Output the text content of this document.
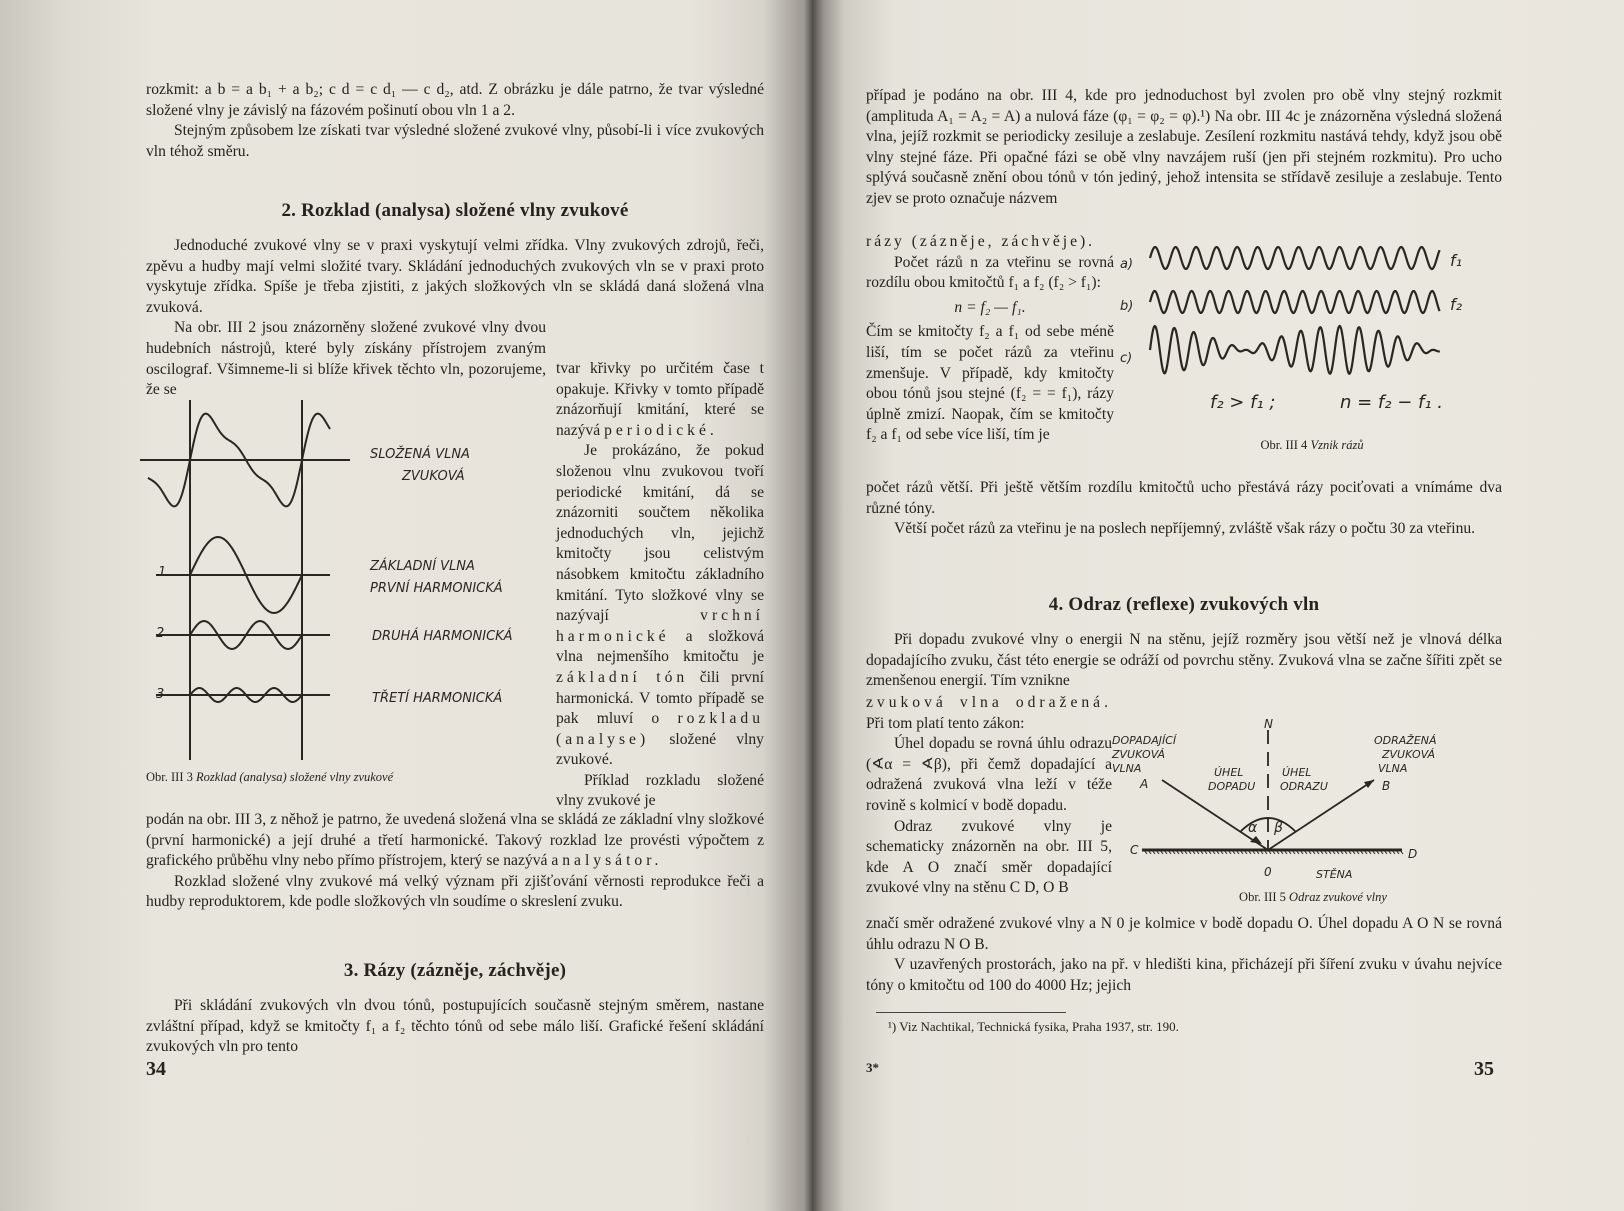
rozkmit: a b = a b₁ + a b₂; c d = c d₁ — c d₂, atd. Z obrázku je dále patrno, že tvar výsledné složené vlny je závislý na fázovém pošinutí obou vln 1 a 2.

Stejným způsobem lze získati tvar výsledné složené zvukové vlny, působí-li i více zvukových vln téhož směru.

2. Rozklad (analysa) složené vlny zvukové

Jednoduché zvukové vlny se v praxi vyskytují velmi zřídka. Vlny zvukových zdrojů, řeči, zpěvu a hudby mají velmi složité tvary. Skládání jednoduchých zvukových vln se v praxi proto vyskytuje zřídka. Spíše je třeba zjistiti, z jakých složkových vln se skládá daná složená vlna zvuková.

Na obr. III 2 jsou znázorněny složené zvukové vlny dvou hudebních nástrojů, které byly získány přístrojem zvaným oscilograf. Všimneme-li si blíže křivek těchto vln, pozorujeme, že se

tvar křivky po určitém čase t opakuje. Křivky v tomto případě znázorňují kmitání, které se nazývá periodické.

Je prokázáno, že pokud složenou vlnu zvukovou tvoří periodické kmitání, dá se znázorniti součtem několika jednoduchých vln, jejichž kmitočty jsou celistvým násobkem kmitočtu základního kmitání. Tyto složkové vlny se nazývají	vrchní harmonické a složková vlna nejmenšího kmitočtu je základní tón čili první harmonická. V tomto případě se pak mluví o rozkladu (analyse) složené vlny zvukové.

Příklad rozkladu složené vlny zvukové je

SLOŽENÁ VLNA
ZVUKOVÁ
ZÁKLADNÍ VLNA
PRVNÍ HARMONICKÁ
DRUHÁ HARMONICKÁ
TŘETÍ HARMONICKÁ
1
2
3
Obr. III 3 Rozklad (analysa) složené vlny zvukové

podán na obr. III 3, z něhož je patrno, že uvedená složená vlna se skládá ze základní vlny složkové (první harmonické) a její druhé a třetí harmonické. Takový rozklad lze provésti výpočtem z grafického průběhu vlny nebo přímo přístrojem, který se nazývá analysátor.

Rozklad složené vlny zvukové má velký význam při zjišťování věrnosti reprodukce řeči a hudby reproduktorem, kde podle složkových vln soudíme o skreslení zvuku.

3. Rázy (zázněje, záchvěje)

Při skládání zvukových vln dvou tónů, postupujících současně stejným směrem, nastane zvláštní případ, když se kmitočty f₁ a f₂ těchto tónů od sebe málo liší. Grafické řešení skládání zvukových vln pro tento

34

případ je podáno na obr. III 4, kde pro jednoduchost byl zvolen pro obě vlny stejný rozkmit (amplituda A₁ = A₂ = A) a nulová fáze (φ₁ = φ₂ = φ).¹) Na obr. III 4c je znázorněna výsledná složená vlna, jejíž rozkmit se periodicky zesiluje a zeslabuje. Zesílení rozkmitu nastává tehdy, když jsou obě vlny stejné fáze. Při opačné fázi se obě vlny navzájem ruší (jen při stejném rozkmitu). Pro ucho splývá současně znění obou tónů v tón jediný, jehož intensita se střídavě zesiluje a zeslabuje. Tento zjev se proto označuje názvem

rázy (zázněje, záchvěje).

Počet rázů n za vteřinu se rovná rozdílu obou kmitočtů f₁ a f₂ (f₂ > f₁):

n = f₂ — f₁.

Čím se kmitočty f₂ a f₁ od sebe méně liší, tím se počet rázů za vteřinu zmenšuje. V případě, kdy kmitočty obou tónů jsou stejné (f₂ = = f₁), rázy úplně zmizí. Naopak, čím se kmitočty f₂ a f₁ od sebe více liší, tím je

a)
b)
c)
f₁
f₂
f₂ > f₁ ;	n = f₂ − f₁ .
Obr. III 4 Vznik rázů

počet rázů větší. Při ještě větším rozdílu kmitočtů ucho přestává rázy pociťovati a vnímáme dva různé tóny.

Větší počet rázů za vteřinu je na poslech nepříjemný, zvláště však rázy o počtu 30 za vteřinu.

4. Odraz (reflexe) zvukových vln

Při dopadu zvukové vlny o energii N na stěnu, jejíž rozměry jsou větší než je vlnová délka dopadajícího zvuku, část této energie se odráží od povrchu stěny. Zvuková vlna se začne šířiti zpět se zmenšenou energií. Tím vznikne

zvuková vlna odražená. Při tom platí tento zákon:

Úhel dopadu se rovná úhlu odrazu (∢α = ∢β), při čemž dopadající a odražená zvuková vlna leží v téže rovině s kolmicí v bodě dopadu.

Odraz zvukové vlny je schematicky znázorněn na obr. III 5, kde A O značí směr dopadající zvukové vlny na stěnu C D, O B

DOPADAJÍCÍ
ZVUKOVÁ
VLNA
A
ODRAŽENÁ
ZVUKOVÁ
VLNA
B
N
ÚHEL
DOPADU
ÚHEL
ODRAZU
α β
C	D
0	STĚNA
Obr. III 5 Odraz zvukové vlny

značí směr odražené zvukové vlny a N 0 je kolmice v bodě dopadu O. Úhel dopadu A O N se rovná úhlu odrazu N O B.

V uzavřených prostorách, jako na př. v hledišti kina, přicházejí při šíření zvuku v úvahu nejvíce tóny o kmitočtu od 100 do 4000 Hz; jejich

¹) Viz Nachtikal, Technická fysika, Praha 1937, str. 190.

3*	35
